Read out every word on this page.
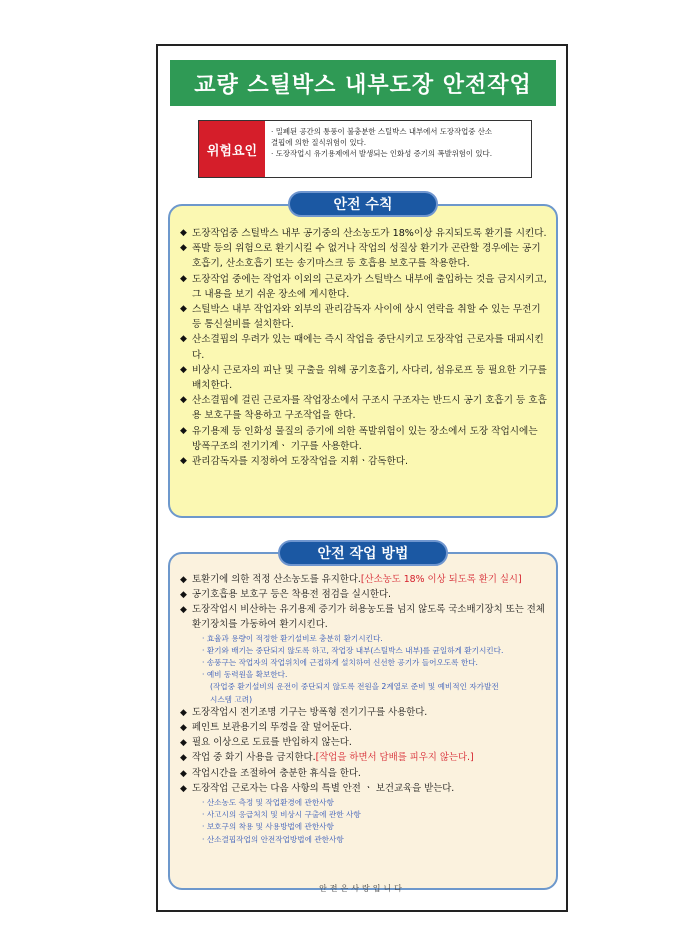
교량 스틸박스 내부도장 안전작업
위험요인
· 밀폐된 공간의 통풍이 불충분한 스틸박스 내부에서 도장작업중 산소
결핍에 의한 질식위험이 있다.
· 도장작업시 유기용제에서 발생되는 인화성 증기의 폭발위험이 있다.
◆ 도장작업중 스틸박스 내부 공기중의 산소농도가 18%이상 유지되도록 환기를 시킨다.
◆ 폭발 등의 위험으로 환기시킬 수 없거나 작업의 성질상 환기가 곤란할 경우에는 공기호흡기, 산소호흡기 또는 송기마스크 등 호흡용 보호구를 착용한다.
◆ 도장작업 중에는 작업자 이외의 근로자가 스틸박스 내부에 출입하는 것을 금지시키고, 그 내용을 보기 쉬운 장소에 게시한다.
◆ 스틸박스 내부 작업자와 외부의 관리감독자 사이에 상시 연락을 취할 수 있는 무전기 등 통신설비를 설치한다.
◆ 산소결핍의 우려가 있는 때에는 즉시 작업을 중단시키고 도장작업 근로자를 대피시킨다.
◆ 비상시 근로자의 피난 및 구출을 위해 공기호흡기, 사다리, 섬유로프 등 필요한 기구를 배치한다.
◆ 산소결핍에 걸린 근로자를 작업장소에서 구조시 구조자는 반드시 공기 호흡기 등 호흡용 보호구를 착용하고 구조작업을 한다.
◆ 유기용제 등 인화성 물질의 증기에 의한 폭발위험이 있는 장소에서 도장 작업시에는 방폭구조의 전기기계ㆍ 기구를 사용한다.
◆ 관리감독자를 지정하여 도장작업을 지휘ㆍ감독한다.
안전 수칙
◆ 토환기에 의한 적정 산소농도를 유지한다.[산소농도 18% 이상 되도록 환기 실시]
◆ 공기호흡용 보호구 등은 착용전 점검을 실시한다.
◆ 도장작업시 비산하는 유기용제 증기가 허용농도를 넘지 않도록 국소배기장치 또는 전체 환기장치를 가동하여 환기시킨다.
· 효율과 용량이 적정한 환기설비로 충분히 환기시킨다.
· 환기와 배기는 중단되지 않도록 하고, 작업장 내부(스틸박스 내부)를 균일하게 환기시킨다.
· 송풍구는 작업자의 작업위치에 근접하게 설치하여 신선한 공기가 들어오도록 한다.
· 예비 동력원을 확보한다.
(작업중 환기설비의 운전이 중단되지 않도록 전원을 2계열로 준비 및 예비적인 자가발전
시스템 고려)
◆ 도장작업시 전기조명 기구는 방폭형 전기기구를 사용한다.
◆ 페인트 보관용기의 뚜껑을 잘 덮어둔다.
◆ 필요 이상으로 도료를 반입하지 않는다.
◆ 작업 중 화기 사용을 금지한다.[작업을 하면서 담배를 피우지 않는다.]
◆ 작업시간을 조절하여 충분한 휴식을 한다.
◆ 도장작업 근로자는 다음 사항의 특별 안전 ㆍ 보건교육을 받는다.
· 산소농도 측정 및 작업환경에 관한사항
· 사고시의 응급처치 및 비상시 구출에 관한 사항
· 보호구의 착용 및 사용방법에 관한사항
· 산소결핍작업의 안전작업방법에 관한사항
안전 작업 방법
안전은사랑입니다
